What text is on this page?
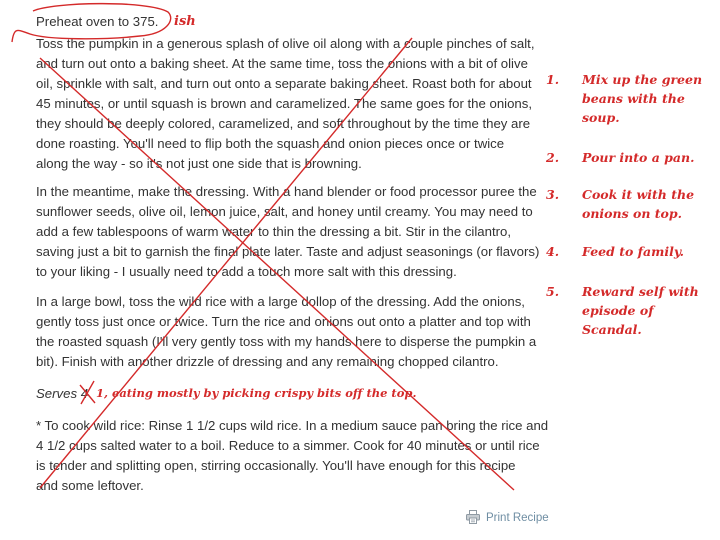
Preheat oven to 375.

Toss the pumpkin in a generous splash of olive oil along with a couple pinches of salt,
and turn out onto a baking sheet. At the same time, toss the onions with a bit of olive
oil, sprinkle with salt, and turn out onto a separate baking sheet. Roast both for about
45 minutes, or until squash is brown and caramelized. The same goes for the onions,
they should be deeply colored, caramelized, and soft throughout by the time they are
done roasting. You'll need to flip both the squash and onion pieces once or twice
along the way - so it's not just one side that is browning.
In the meantime, make the dressing. With a hand blender or food processor puree the
sunflower seeds, olive oil, lemon juice, salt, and honey until creamy. You may need to
add a few tablespoons of warm water to thin the dressing a bit. Stir in the cilantro,
saving just a bit to garnish the final plate later. Taste and adjust seasonings (or flavors)
to your liking - I usually need to add a touch more salt with this dressing.
In a large bowl, toss the wild rice with a large dollop of the dressing. Add the onions,
gently toss just once or twice. Turn the rice and onions out onto a platter and top with
the roasted squash (I'll very gently toss with my hands here to disperse the pumpkin a
bit). Finish with another drizzle of dressing and any remaining chopped cilantro.

Serves 4

* To cook wild rice: Rinse 1 1/2 cups wild rice. In a medium sauce pan bring the rice and
4 1/2 cups salted water to a boil. Reduce to a simmer. Cook for 40 minutes or until rice
is tender and splitting open, stirring occasionally. You'll have enough for this recipe
and some leftover.
Print Recipe
ish
1, eating mostly by picking crispy bits off the top.
1. Mix up the green beans with the soup.
2. Pour into a pan.
3. Cook it with the onions on top.
4. Feed to family.
5. Reward self with episode of Scandal.
